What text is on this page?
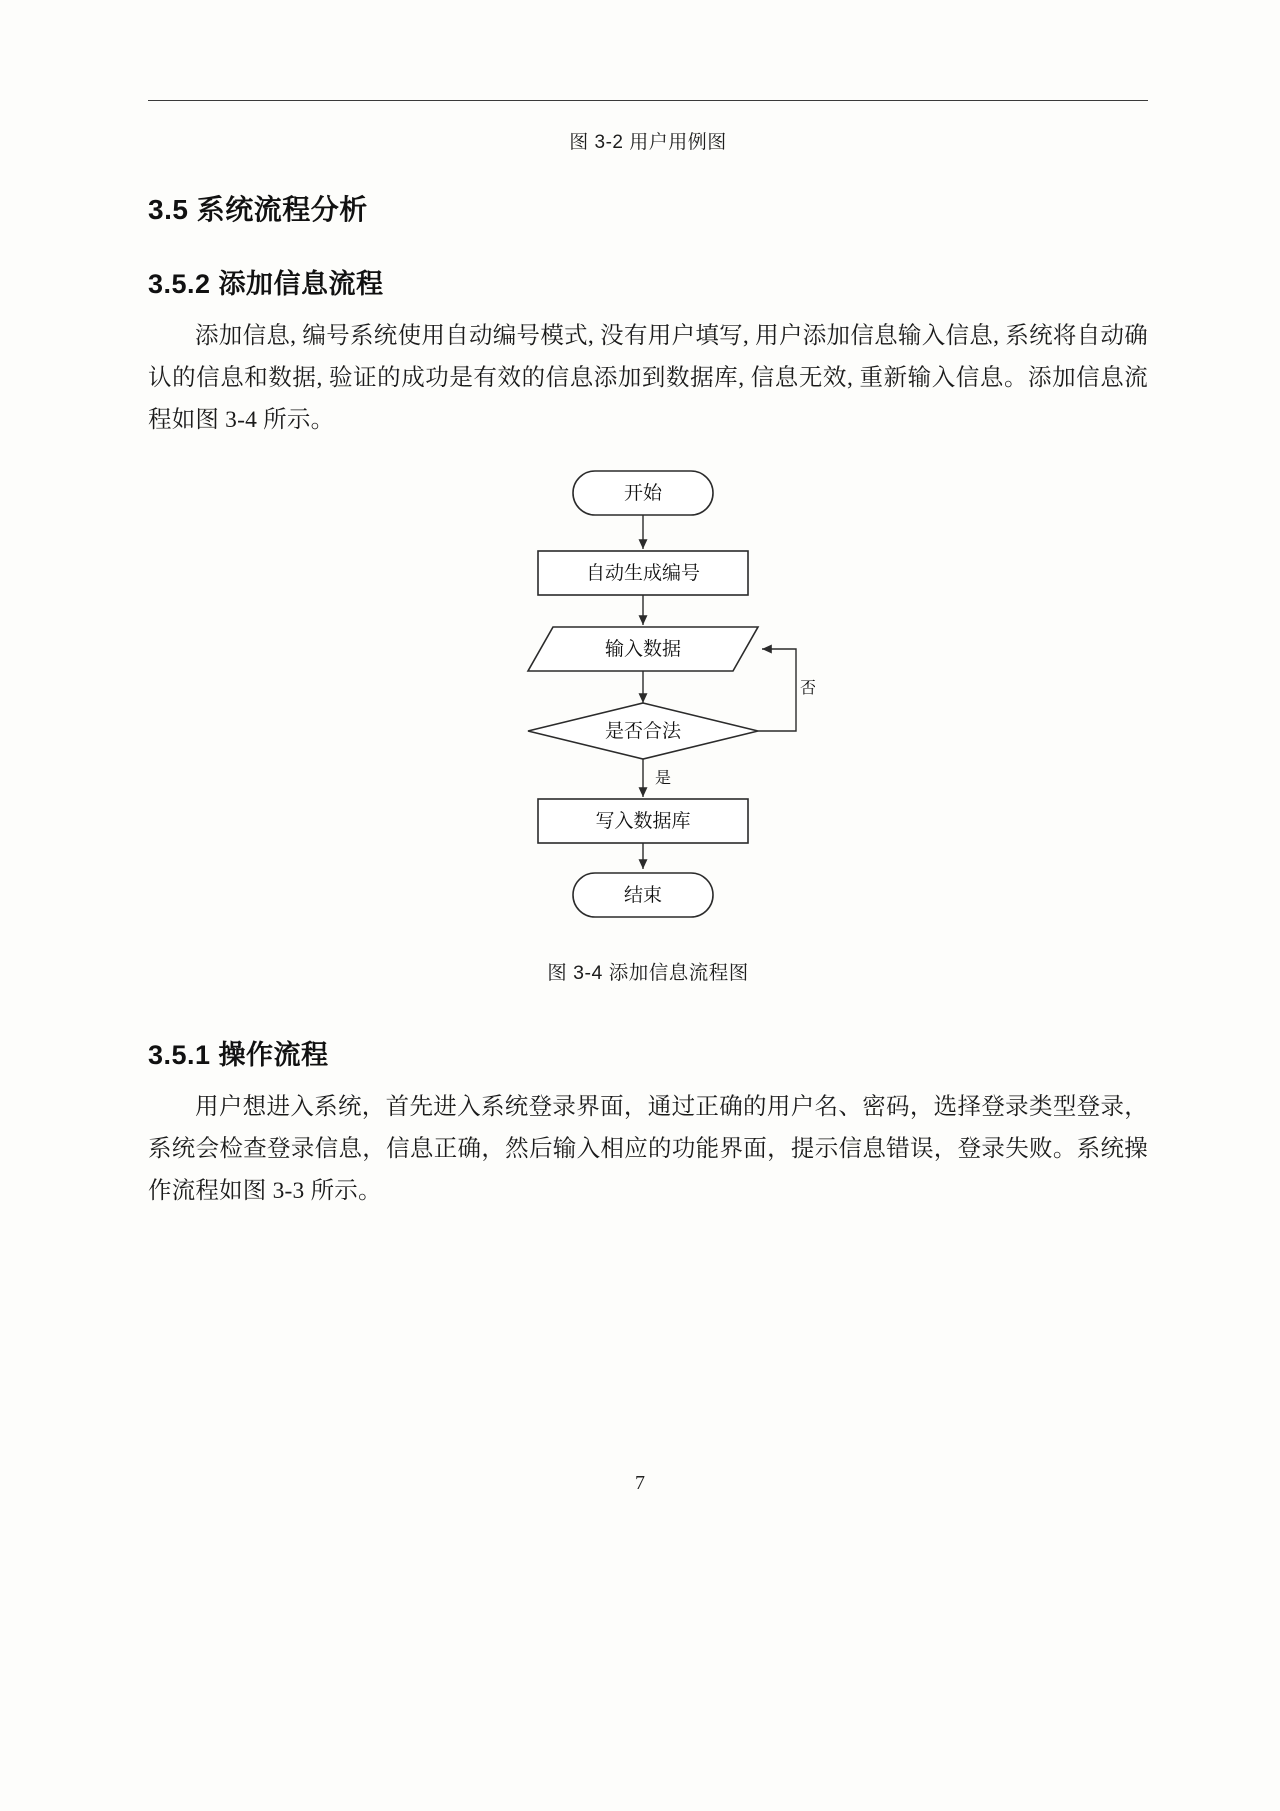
图 3-2 用户用例图
3.5 系统流程分析
3.5.2 添加信息流程

添加信息, 编号系统使用自动编号模式, 没有用户填写, 用户添加信息输入信息, 系统将自动确认的信息和数据, 验证的成功是有效的信息添加到数据库, 信息无效, 重新输入信息。添加信息流程如图 3-4 所示。

开始
自动生成编号
输入数据
是否合法
否
是
写入数据库
结束
图 3-4 添加信息流程图
3.5.1 操作流程

用户想进入系统，首先进入系统登录界面，通过正确的用户名、密码，选择登录类型登录，系统会检查登录信息，信息正确，然后输入相应的功能界面，提示信息错误，登录失败。系统操作流程如图 3-3 所示。

7
